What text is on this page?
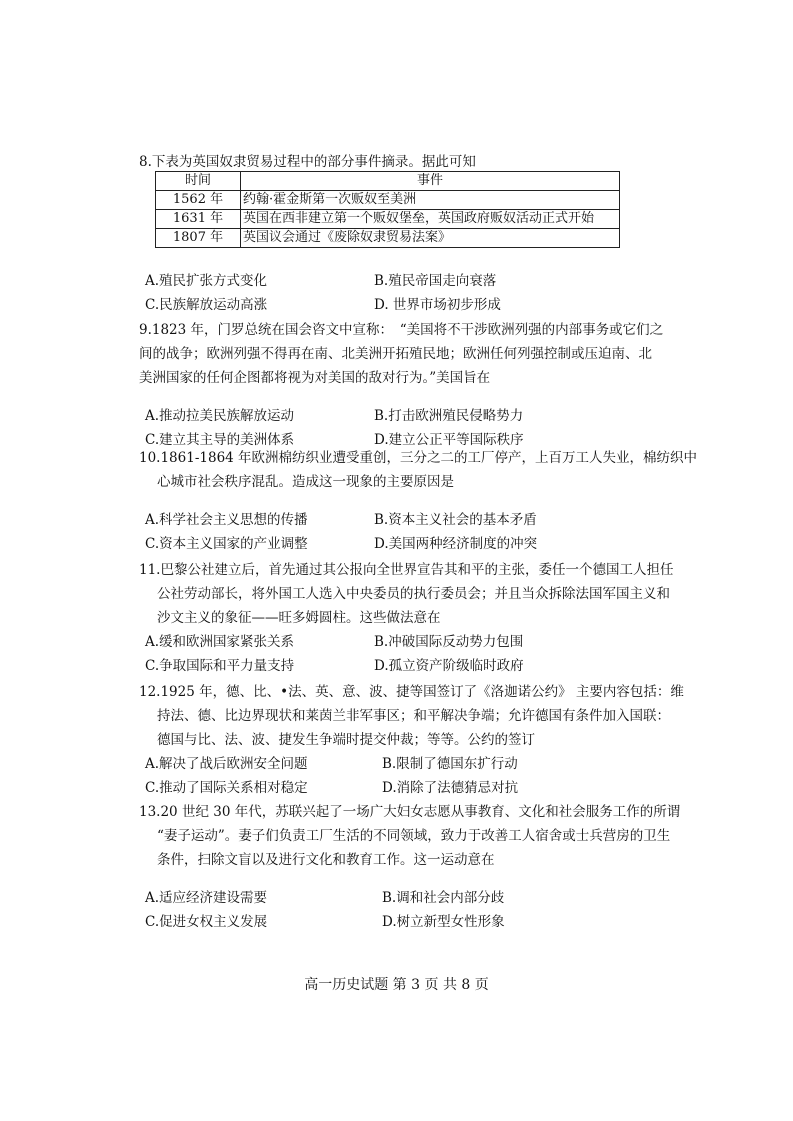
8.下表为英国奴隶贸易过程中的部分事件摘录。据此可知

时间	事件
1562 年	约翰·霍金斯第一次贩奴至美洲
1631 年	英国在西非建立第一个贩奴堡垒，英国政府贩奴活动正式开始
1807 年	英国议会通过《废除奴隶贸易法案》
A.殖民扩张方式变化	B.殖民帝国走向衰落
C.民族解放运动高涨	D. 世界市场初步形成

9.1823 年，门罗总统在国会咨文中宣称：　“美国将不干涉欧洲列强的内部事务或它们之

间的战争；欧洲列强不得再在南、北美洲开拓殖民地；欧洲任何列强控制或压迫南、北

美洲国家的任何企图都将视为对美国的敌对行为。”美国旨在

A.推动拉美民族解放运动	B.打击欧洲殖民侵略势力
C.建立其主导的美洲体系	D.建立公正平等国际秩序

10.1861-1864 年欧洲棉纺织业遭受重创，三分之二的工厂停产，上百万工人失业，棉纺织中

心城市社会秩序混乱。造成这一现象的主要原因是

A.科学社会主义思想的传播	B.资本主义社会的基本矛盾
C.资本主义国家的产业调整	D.美国两种经济制度的冲突

11.巴黎公社建立后，首先通过其公报向全世界宣告其和平的主张，委任一个德国工人担任

公社劳动部长，将外国工人选入中央委员的执行委员会；并且当众拆除法国军国主义和

沙文主义的象征——旺多姆圆柱。这些做法意在

A.缓和欧洲国家紧张关系	B.冲破国际反动势力包围
C.争取国际和平力量支持	D.孤立资产阶级临时政府

12.1925 年，德、比、•法、英、意、波、捷等国签订了《洛迦诺公约》 主要内容包括：维

持法、德、比边界现状和莱茵兰非军事区；和平解决争端；允许德国有条件加入国联：

德国与比、法、波、捷发生争端时提交仲裁；等等。公约的签订

A.解决了战后欧洲安全问题	B.限制了德国东扩行动
C.推动了国际关系相对稳定	D.消除了法德猜忌对抗

13.20 世纪 30 年代，苏联兴起了一场广大妇女志愿从事教育、文化和社会服务工作的所谓

“妻子运动”。妻子们负责工厂生活的不同领域，致力于改善工人宿舍或士兵营房的卫生

条件，扫除文盲以及进行文化和教育工作。这一运动意在

A.适应经济建设需要	B.调和社会内部分歧
C.促进女权主义发展	D.树立新型女性形象
高一历史试题 第 3 页 共 8 页
